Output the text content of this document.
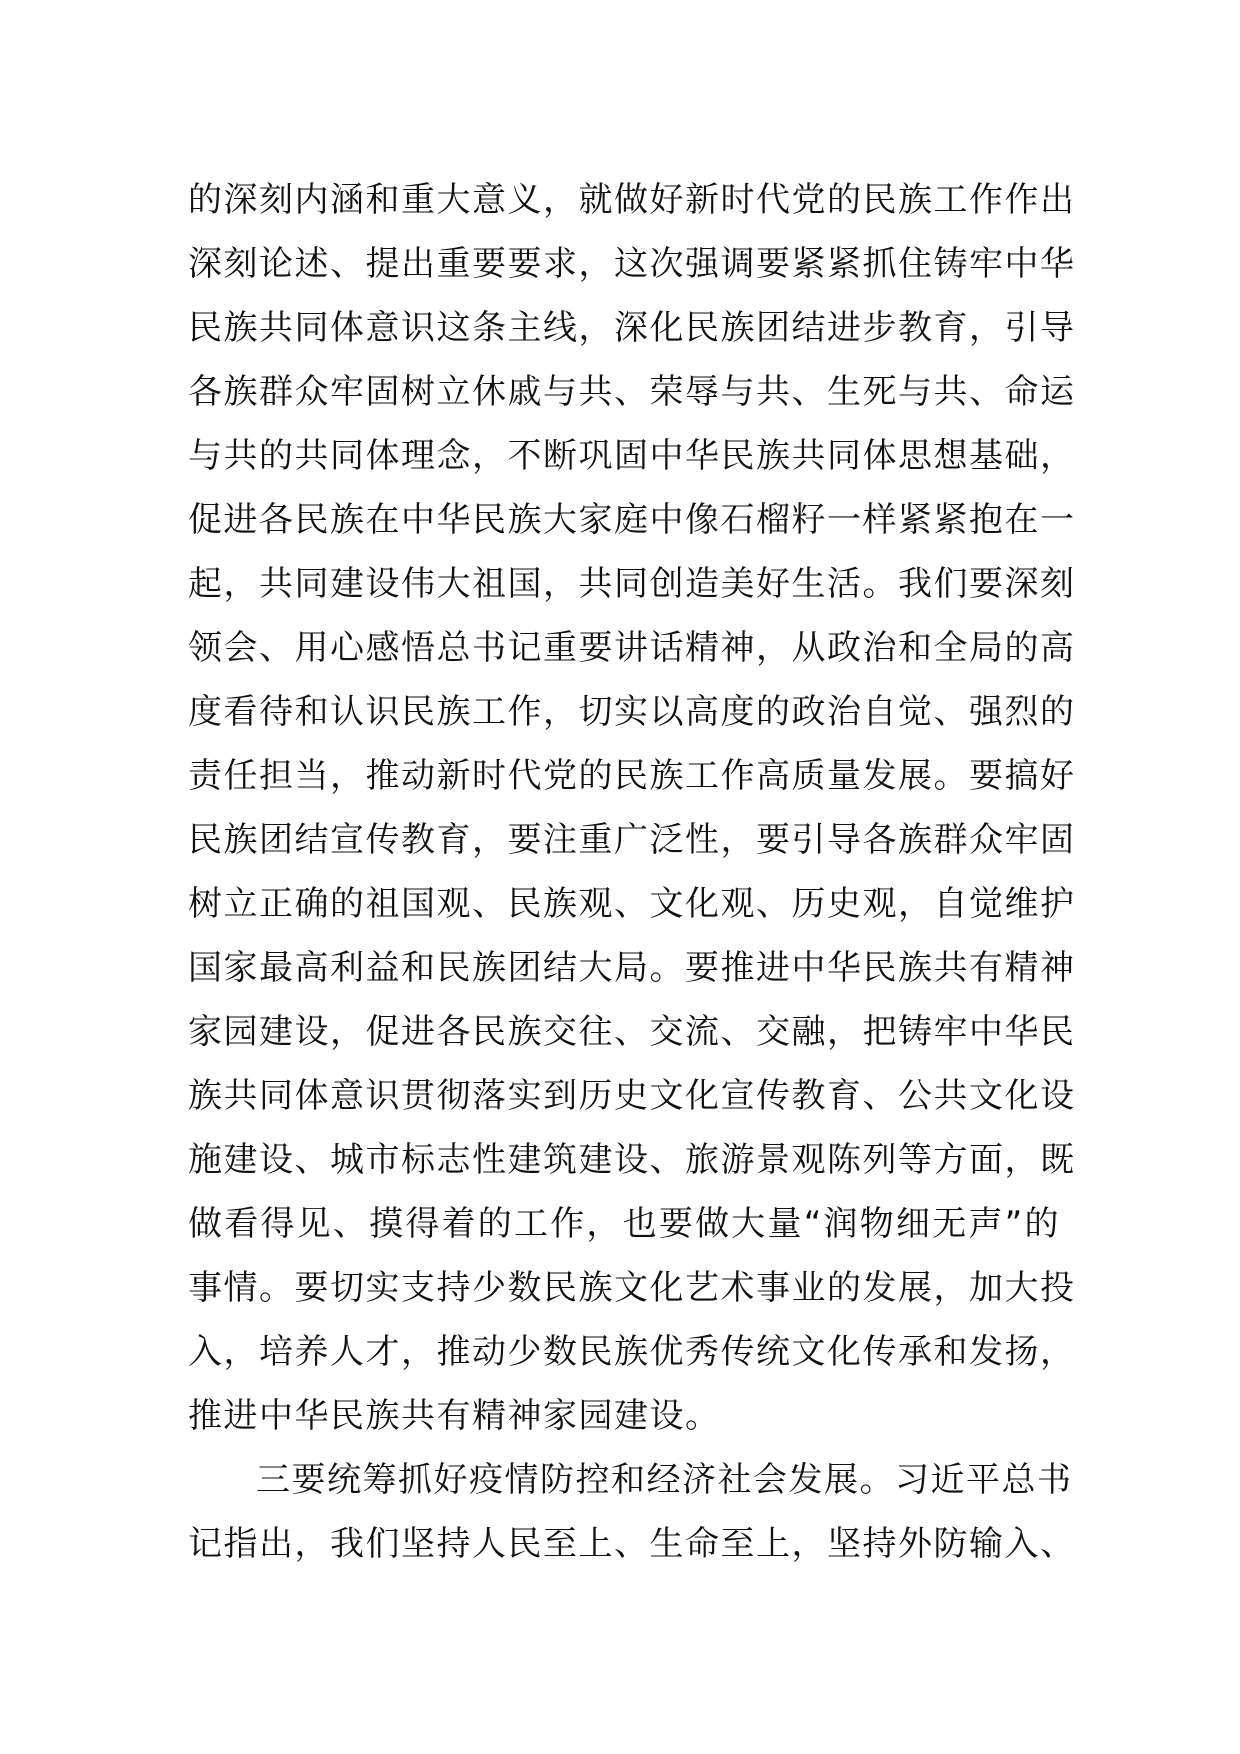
的深刻内涵和重大意义，就做好新时代党的民族工作作出
深刻论述、提出重要要求，这次强调要紧紧抓住铸牢中华
民族共同体意识这条主线，深化民族团结进步教育，引导
各族群众牢固树立休戚与共、荣辱与共、生死与共、命运
与共的共同体理念，不断巩固中华民族共同体思想基础，
促进各民族在中华民族大家庭中像石榴籽一样紧紧抱在一
起，共同建设伟大祖国，共同创造美好生活。我们要深刻
领会、用心感悟总书记重要讲话精神，从政治和全局的高
度看待和认识民族工作，切实以高度的政治自觉、强烈的
责任担当，推动新时代党的民族工作高质量发展。要搞好
民族团结宣传教育，要注重广泛性，要引导各族群众牢固
树立正确的祖国观、民族观、文化观、历史观，自觉维护
国家最高利益和民族团结大局。要推进中华民族共有精神
家园建设，促进各民族交往、交流、交融，把铸牢中华民
族共同体意识贯彻落实到历史文化宣传教育、公共文化设
施建设、城市标志性建筑建设、旅游景观陈列等方面，既
做看得见、摸得着的工作，也要做大量“润物细无声”的
事情。要切实支持少数民族文化艺术事业的发展，加大投
入，培养人才，推动少数民族优秀传统文化传承和发扬，
推进中华民族共有精神家园建设。
三要统筹抓好疫情防控和经济社会发展。习近平总书
记指出，我们坚持人民至上、生命至上，坚持外防输入、
